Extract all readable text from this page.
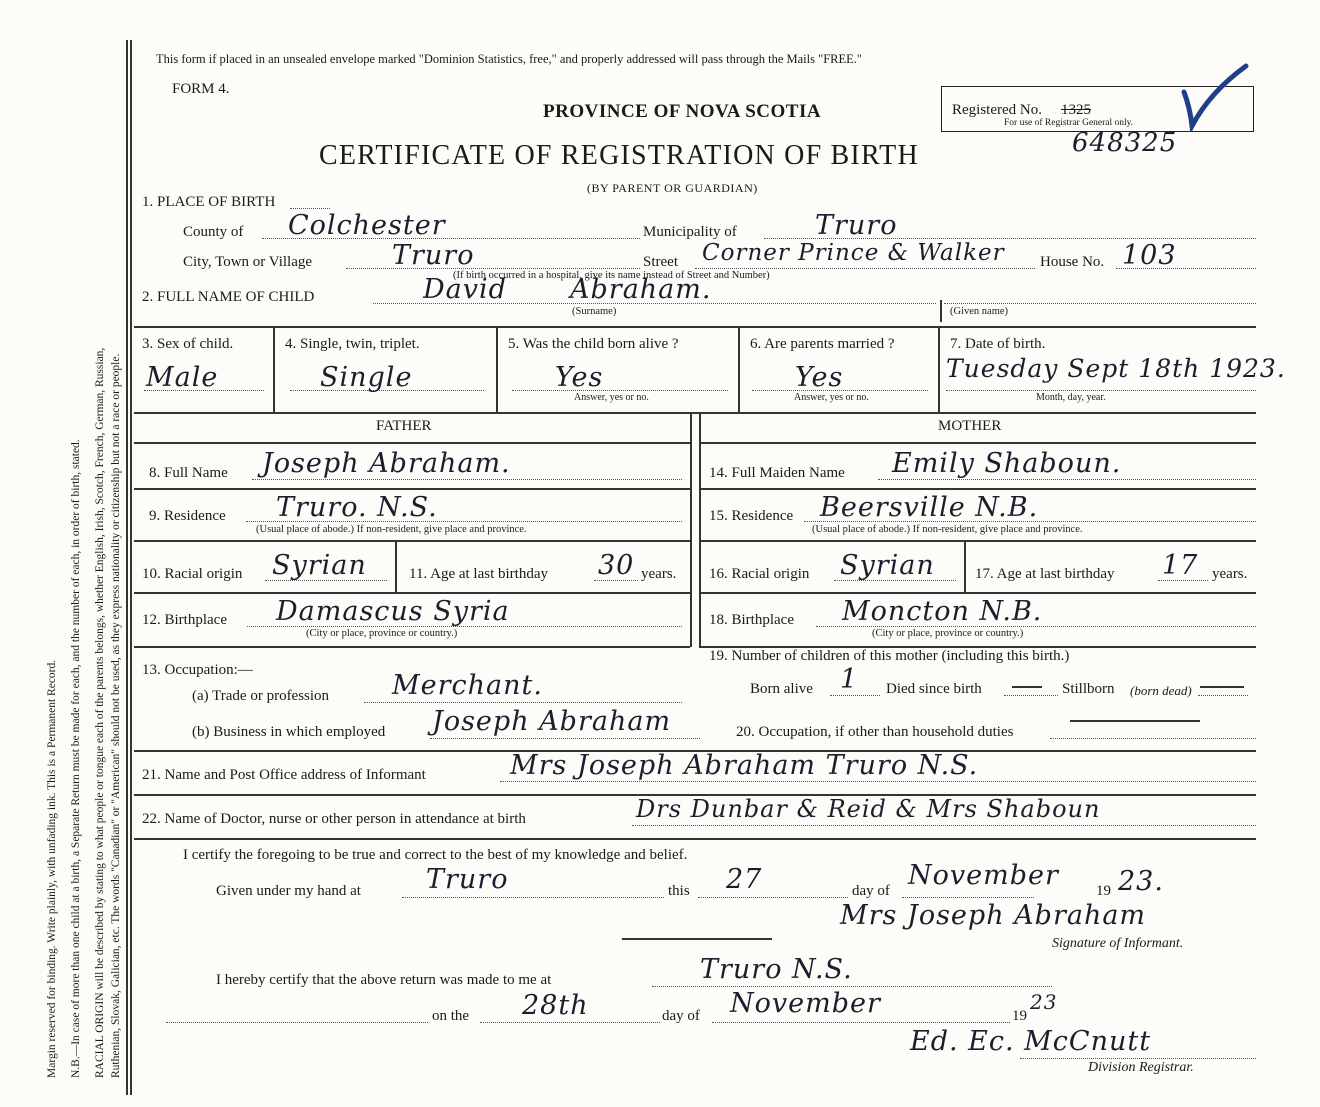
Margin reserved for binding. Write plainly, with unfading ink. This is a Permanent Record. N.B.—In case of more than one child at a birth, a Separate Return must be made for each, and the number of each, in order of birth, stated. RACIAL ORIGIN will be described by stating to what people or tongue each of the parents belongs, whether English, Irish, Scotch, French, German, Russian, Ruthenian, Slovak, Galician, etc. The words "Canadian" or "American" should not be used, as they express nationality or citizenship but not a race or people.
This form if placed in an unsealed envelope marked "Dominion Statistics, free," and properly addressed will pass through the Mails "FREE."
FORM 4.
PROVINCE OF NOVA SCOTIA
CERTIFICATE OF REGISTRATION OF BIRTH
(BY PARENT OR GUARDIAN)
Registered No. 1325
For use of Registrar General only.
648325
1. PLACE OF BIRTH
County of Colchester	Municipality of	Truro
City, Town or Village	Truro	Street Corner Prince & Walker House No. 103
(If birth occurred in a hospital, give its name instead of Street and Number)
2. FULL NAME OF CHILD	David Abraham.
(Surname)	(Given name)
3. Sex of child.	4. Single, twin, triplet.	5. Was the child born alive ?	6. Are parents married ?	7. Date of birth.
Male	Single	Yes	Yes	Tuesday Sept 18th 1923.
Answer, yes or no.	Answer, yes or no.	Month, day, year.
FATHER	MOTHER
8. Full Name Joseph Abraham.
9. Residence Truro. N.S.
(Usual place of abode.) If non-resident, give place and province.
10. Racial origin Syrian	11. Age at last birthday 30 years.
12. Birthplace Damascus Syria
(City or place, province or country.)
13. Occupation:—
(a) Trade or profession Merchant.
(b) Business in which employed Joseph Abraham
14. Full Maiden Name Emily Shaboun.
15. Residence Beersville N.B.
(Usual place of abode.) If non-resident, give place and province.
16. Racial origin Syrian	17. Age at last birthday 17 years.
18. Birthplace Moncton N.B.
(City or place, province or country.)
19. Number of children of this mother (including this birth.)
Born alive 1 Died since birth	Stillborn (born dead)
20. Occupation, if other than household duties
21. Name and Post Office address of Informant	Mrs Joseph Abraham Truro N.S.
22. Name of Doctor, nurse or other person in attendance at birth	Drs Dunbar & Reid & Mrs Shaboun
I certify the foregoing to be true and correct to the best of my knowledge and belief.
Given under my hand at Truro	this 27	day of November 19 23.
Mrs Joseph Abraham
Signature of Informant.
I hereby certify that the above return was made to me at	Truro N.S.
on the 28th	day of November	19
23
Ed. Ec. McCnutt
Division Registrar.
